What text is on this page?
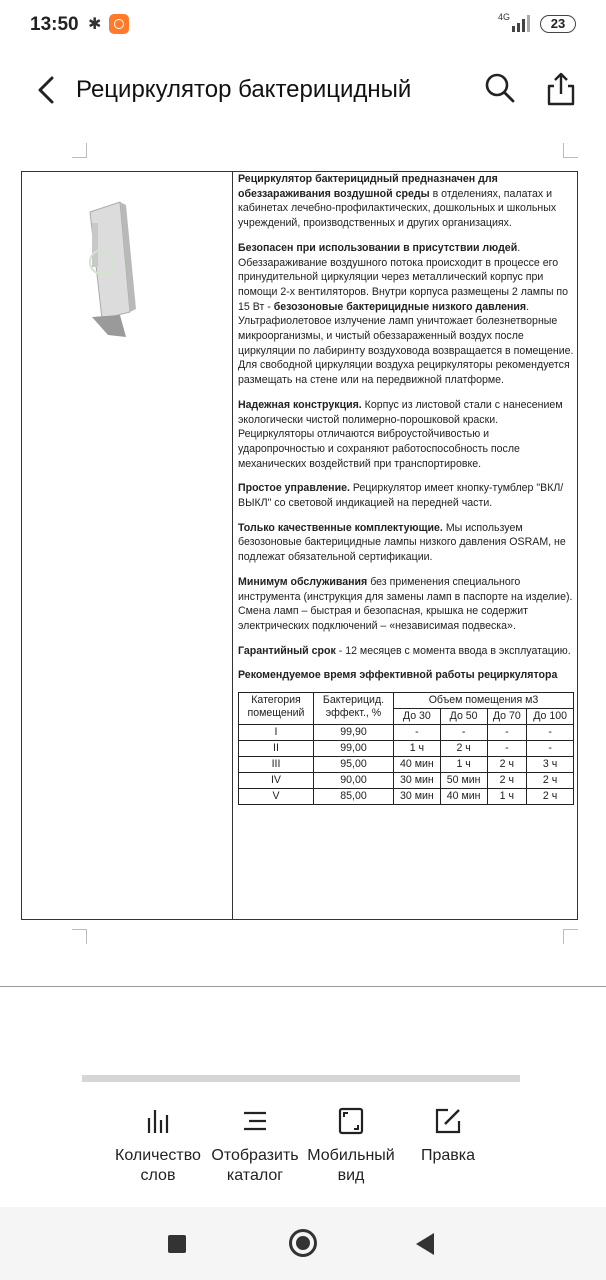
13:50 ✱	4G	23
Рециркулятор бактерицидный

Рециркулятор бактерицидный предназначен для обеззараживания воздушной среды в отделениях, палатах и кабинетах лечебно-профилактических, дошкольных и школьных учреждений, производственных и других организациях.

Безопасен при использовании в присутствии людей. Обеззараживание воздушного потока происходит в процессе его принудительной циркуляции через металлический корпус при помощи 2-х вентиляторов. Внутри корпуса размещены 2 лампы по 15 Вт - безозоновые бактерицидные низкого давления. Ультрафиолетовое излучение ламп уничтожает болезнетворные микроорганизмы, и чистый обеззараженный воздух после циркуляции по лабиринту воздуховода возвращается в помещение. Для свободной циркуляции воздуха рециркуляторы рекомендуется размещать на стене или на передвижной платформе.

Надежная конструкция. Корпус из листовой стали с нанесением экологически чистой полимерно-порошковой краски. Рециркуляторы отличаются виброустойчивостью и ударопрочностью и сохраняют работоспособность после механических воздействий при транспортировке.

Простое управление. Рециркулятор имеет кнопку-тумблер "ВКЛ/ВЫКЛ" со световой индикацией на передней части.

Только качественные комплектующие. Мы используем безозоновые бактерицидные лампы низкого давления OSRAM, не подлежат обязательной сертификации.

Минимум обслуживания без применения специального инструмента (инструкция для замены ламп в паспорте на изделие). Смена ламп – быстрая и безопасная, крышка не содержит электрических подключений – «независимая подвеска».

Гарантийный срок - 12 месяцев с момента ввода в эксплуатацию.

Рекомендуемое время эффективной работы рециркулятора

Категория помещений	Бактерицид. эффект., %	Объем помещения м3			
		До 30	До 50	До 70	До 100
I	99,90	-	-	-	-
II	99,00	1 ч	2 ч	-	-
III	95,00	40 мин	1 ч	2 ч	3 ч
IV	90,00	30 мин	50 мин	2 ч	2 ч
V	85,00	30 мин	40 мин	1 ч	2 ч
Количество
слов
Отобразить
каталог
Мобильный
вид
Правка
